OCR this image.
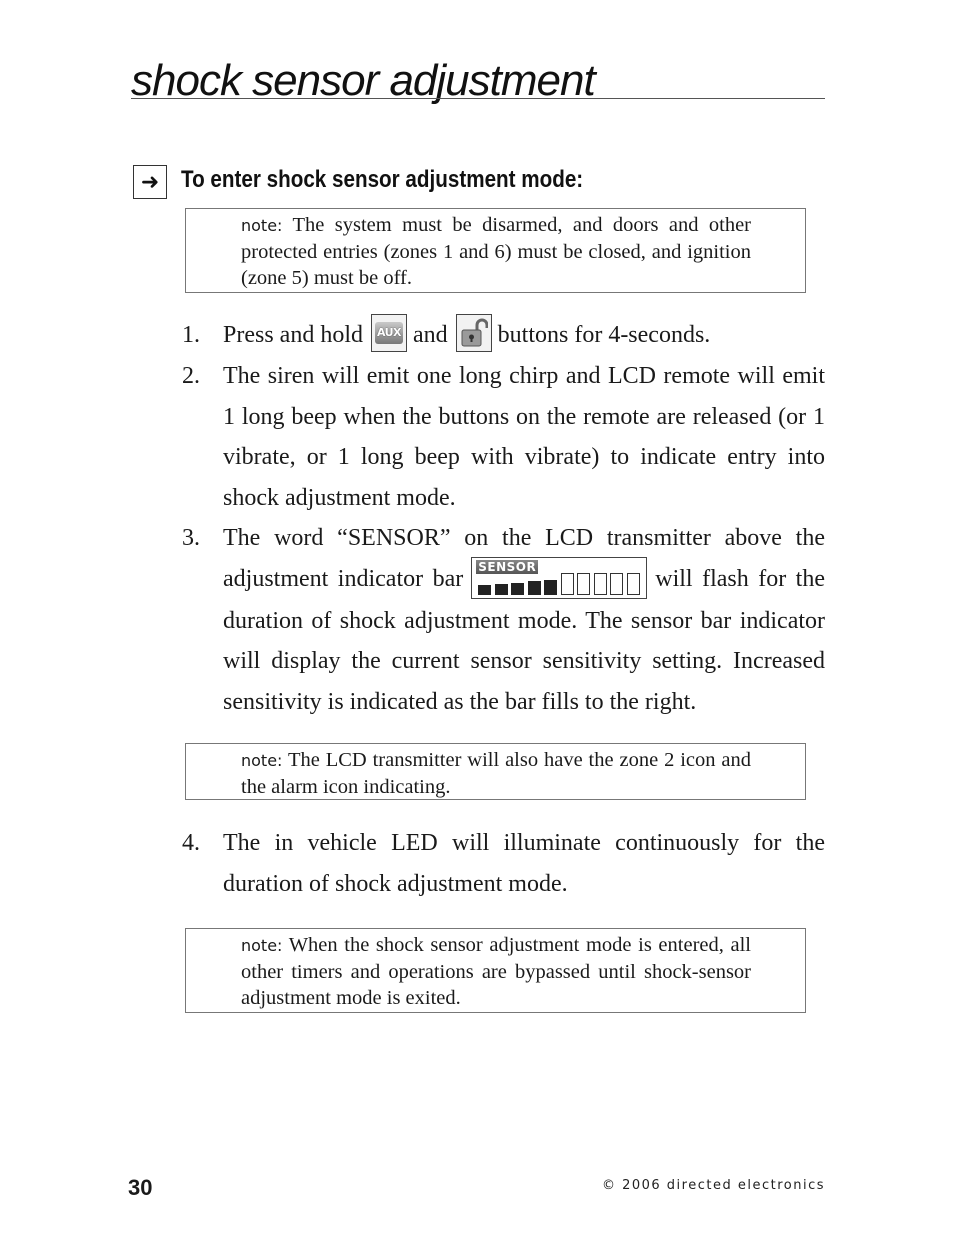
shock sensor adjustment
➜ To enter shock sensor adjustment mode:
note: The system must be disarmed, and doors and other protected entries (zones 1 and 6) must be closed, and ignition (zone 5) must be off.
1. Press and hold AUX and buttons for 4-seconds.
2. The siren will emit one long chirp and LCD remote will emit 1 long beep when the buttons on the remote are released (or 1 vibrate, or 1 long beep with vibrate) to indicate entry into shock adjustment mode.
3. The word “SENSOR” on the LCD transmitter above the adjustment indicator bar SENSOR	will flash for the duration of shock adjustment mode. The sensor bar indicator will display the current sensor sensitivity setting. Increased sensitivity is indicated as the bar fills to the right.
note: The LCD transmitter will also have the zone 2 icon and the alarm icon indicating.
4. The in vehicle LED will illuminate continuously for the duration of shock adjustment mode.
note: When the shock sensor adjustment mode is entered, all other timers and operations are bypassed until shock-sensor adjustment mode is exited.
30	© 2006 directed electronics
